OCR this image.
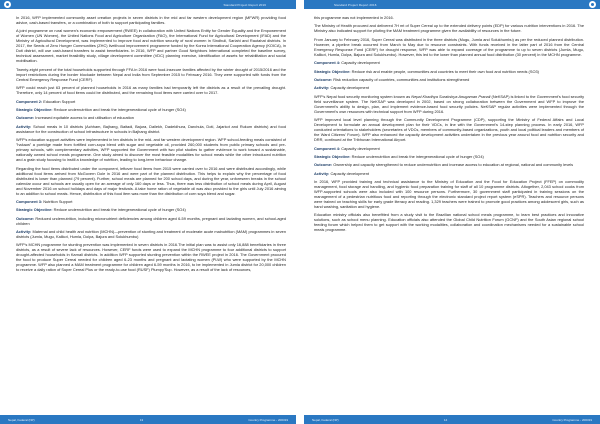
Standard Project Report 2016

In 2016, WFP implemented community asset creation projects in seven districts in the mid and far western development region (MFWR) providing food advice, cash-based transfers, or a combination of both to support participating families.

A joint programme on rural women's economic empowerment (RWEE) in collaboration with United Nations Entity for Gender Equality and the Empowerment of Women (UN Women), the United Nations Food and Agriculture Organization (FAO), the International Fund for Agricultural Development (IFAD) and the Ministry of Agricultural Development, was implemented to improve food and nutrition security of rural women in Sindhuli, Sarlahi and Rautahat districts. In 2017, the Seeds of Zero Hunger Communities (ZHC) livelihood improvement programme funded by the Korea International Cooperation Agency (KOICA), in Doti district, will use cash-based transfers to assist beneficiaries. In 2016, WFP and partner Good Neighbors International completed the baseline survey, technical assessment, market feasibility study, village development committee (VDC) planning exercise, identification of assets for rehabilitation and social mobilisation.

Twenty-eight percent of the total households supported through FFA in 2016 were food-insecure families affected by the winter drought of 2015/2016 and the import restrictions during the border blockade between Nepal and India from September 2015 to February 2016. They were supported with funds from the Central Emergency Response Fund (CERF).

WFP could reach just 63 percent of planned households in 2016 as many families had temporarily left the districts as a result of the prevailing drought. Therefore, only 14 percent of food items could be distributed, and the remaining food items were carried over to 2017.

Component 2: Education Support

Strategic Objective: Reduce undernutrition and break the intergenerational cycle of hunger (SO4)

Outcome: Increased equitable access to and utilisation of education

Activity: School meals in 10 districts (Achham, Bajhang, Baitadi, Bajura, Dailekh, Dadeldhura, Darchula, Doti, Jajarkot and Rukum districts) and food assistance for the construction of school infrastructure in schools in Bajhang district.

WFP's education support activities were implemented in ten districts in the mid- and far western development region. WFP school-feeding meals consisted of "haluwa" a porridge made from fortified corn-soya blend with sugar and vegetable oil, provided 260,000 students from public primary schools and pre-primary schools, with complementary activities, WFP supported the Government with two pilot studies to gather evidence to work toward a sustainable, nationally owned school meals programme. One study aimed to discover the most feasible modalities for school meals while the other introduced nutrition and a grain study focusing to instill a knowledge of nutrition, leading to long-term behaviour change.

Regarding the food items distributed under the component, leftover food items from 2015 were carried over to 2016 and were distributed accordingly, while additional food items arrived from McGovern Dole in 2016 and were part of the planned distribution. This helps to explain why the percentage of food distributed is lower than planned (79 percent). Further, school meals are planned for 200 school days, and during the year, unforeseen breaks in the school calendar occur and schools are usually open for an average of only 160 days or less. Thus, there was less distribution of school meals during April, August and November 2016 on school holidays and days of major festivals. A take home ration of vegetable oil was also provided to the girls until July 2016 aiming to an addition to school meals. Hence, distribution of this food item was more than the distribution of corn soya blend and sugar.

Component 3: Nutrition Support

Strategic Objective: Reduce undernutrition and break the intergenerational cycle of hunger (SO4)

Outcome: Reduced undernutrition, including micronutrient deficiencies among children aged 6-59 months, pregnant and lactating women, and school-aged children

Activity: Maternal and child health and nutrition (MCHN)—prevention of stunting and treatment of moderate acute malnutrition (MAM) programmes in seven districts (Jumla, Mugu, Kalikot, Humla, Dolpa, Bajura and Solukhumbu)

WFP's MCHN programme for stunting prevention was implemented in seven districts in 2016.The initial plan was to assist only 16,888 beneficiaries in three districts, as a result of severe lack of resources. However, CERF funds were used to expand the MCHN programme to four additional districts to support drought-affected households in Karnali districts. In addition WFP supported stunting prevention within the RWEE project in 2016. The Government procured the food to produce Super Cereal needed for children aged 6-23 months and pregnant and lactating women (PLW) who were supported by the MCHN programme. WFP also planned a MAM treatment programme for children aged 6-59 months in 2016, to be implemented in Jumla district for 20,000 children to receive a daily ration of Super Cereal Plus or the ready-to-use food (RUSF) Plumpy'Sup. However, as a result of the lack of resources,

Nepal, Federal (NP)	13	Country Programme - 200319
Standard Project Report 2016

this programme was not implemented in 2016.

The Ministry of Health procured and delivered 7H mt of Super Cereal up to the extended delivery points (EDP) for various nutrition interventions in 2016. The Ministry also indicated support for piloting the MAM treatment programme given the availability of resources in the future.

From January to February 2016, Super Cereal was distributed in the three districts (Mugu, Jumla and Solukhumbu) as per the reduced planned distribution. However, a pipeline break occurred from March to May due to resource constraints. With funds received in the latter part of 2016 from the Central Emergency Response Fund (CERF) for drought response, WFP was able to expand coverage of the programme to up to seven districts (Jumla, Mugu, Kalikot, Humla, Dolpa, Bajura and Solukhumbu). However, this led to the lower than planned annual food distribution (30 percent) in the MCHN programme.

Component 4: Capacity development

Strategic Objective: Reduce risk and enable people, communities and countries to meet their own food and nutrition needs (SO3)

Outcome: Risk reduction capacity of countries, communities and institutions strengthened

Activity: Capacity development

WFP's Nepal food security monitoring system known as Nepal Khadhya Surakshya Anugaman Pranali (NeKSAP) is linked to the Government's food security field surveillance system. The NeKSAP was developed in 2002, based on strong collaboration between the Government and WFP to improve the Government's ability to design, plan, and implement evidence-based food security policies. NeKSAP regular activities were implemented through the Government's own resources with technical support from WFP during 2016.

WFP improved local level planning through the Community Development Programme (CDP), supporting the Ministry of Federal Affairs and Local Development to formulate an annual development plan for their VDCs, in line with the Government's 14-step planning process. In early 2016, WFP conducted orientations to stakeholders (secretaries of VDCs, members of community-based organizations, youth and local political leaders and members of the Ward Citizens' Forum). WFP also enhanced the capacity development activities undertaken in the previous year around food and nutrition security and DRR, continued at the Tribhuvan International Airport.

Component 4: Capacity development

Strategic Objective: Reduce undernutrition and break the intergenerational cycle of hunger (SO4)

Outcome: Ownership and capacity strengthened to reduce undernutrition and increase access to education at regional, national and community levels

Activity: Capacity development

In 2016, WFP provided training and technical assistance to the Ministry of Education and the Food for Education Project (FFEP) on commodity management, food storage and handling, and hygienic food preparation training for staff of all 10 programme districts. Altogether, 2,043 school cooks from WFP-supported schools were also included with 100 resource persons. Furthermore, 30 government staff participated in training sessions on the management of a pedestrian nutritious food and reporting through the electronic standard project report system (eSPR). Teachers and resource persons were trained on teaching skills for early grade literacy and reading. 1,329 teachers were trained to promote good practices among adolescent girls, such as hand washing, sanitation and hygiene.

Education ministry officials also benefitted from a study visit to the Brazilian national school meals programme, to learn best practices and innovative solutions, such as school menu planning. Education officials also attended the Global Child Nutrition Forum (GCNF) and the South Asian regional school feeding forum which helped them to get support with the working modalities, collaboration and coordination mechanisms needed for a sustainable school meals programme.

Nepal, Federal (NP)	14	Country Programme - 200319
